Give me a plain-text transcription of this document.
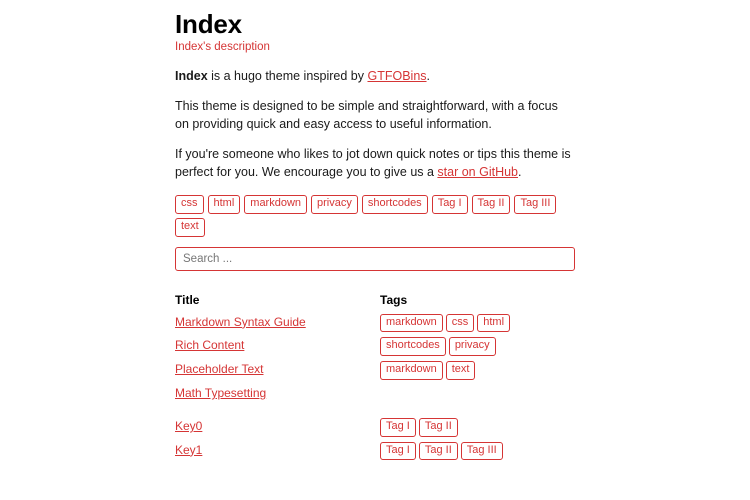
Index
Index's description

Index is a hugo theme inspired by GTFOBins.

This theme is designed to be simple and straightforward, with a focus on providing quick and easy access to useful information.

If you're someone who likes to jot down quick notes or tips this theme is perfect for you. We encourage you to give us a star on GitHub.

css	html	markdown	privacy	shortcodes	Tag I	Tag II	Tag III
text
Search ...
Title	Tags
Markdown Syntax Guide	markdown css html

Rich Content	shortcodes privacy

Placeholder Text	markdown text

Math Typesetting	

Key0	Tag I Tag II

Key1	Tag I Tag II Tag III
